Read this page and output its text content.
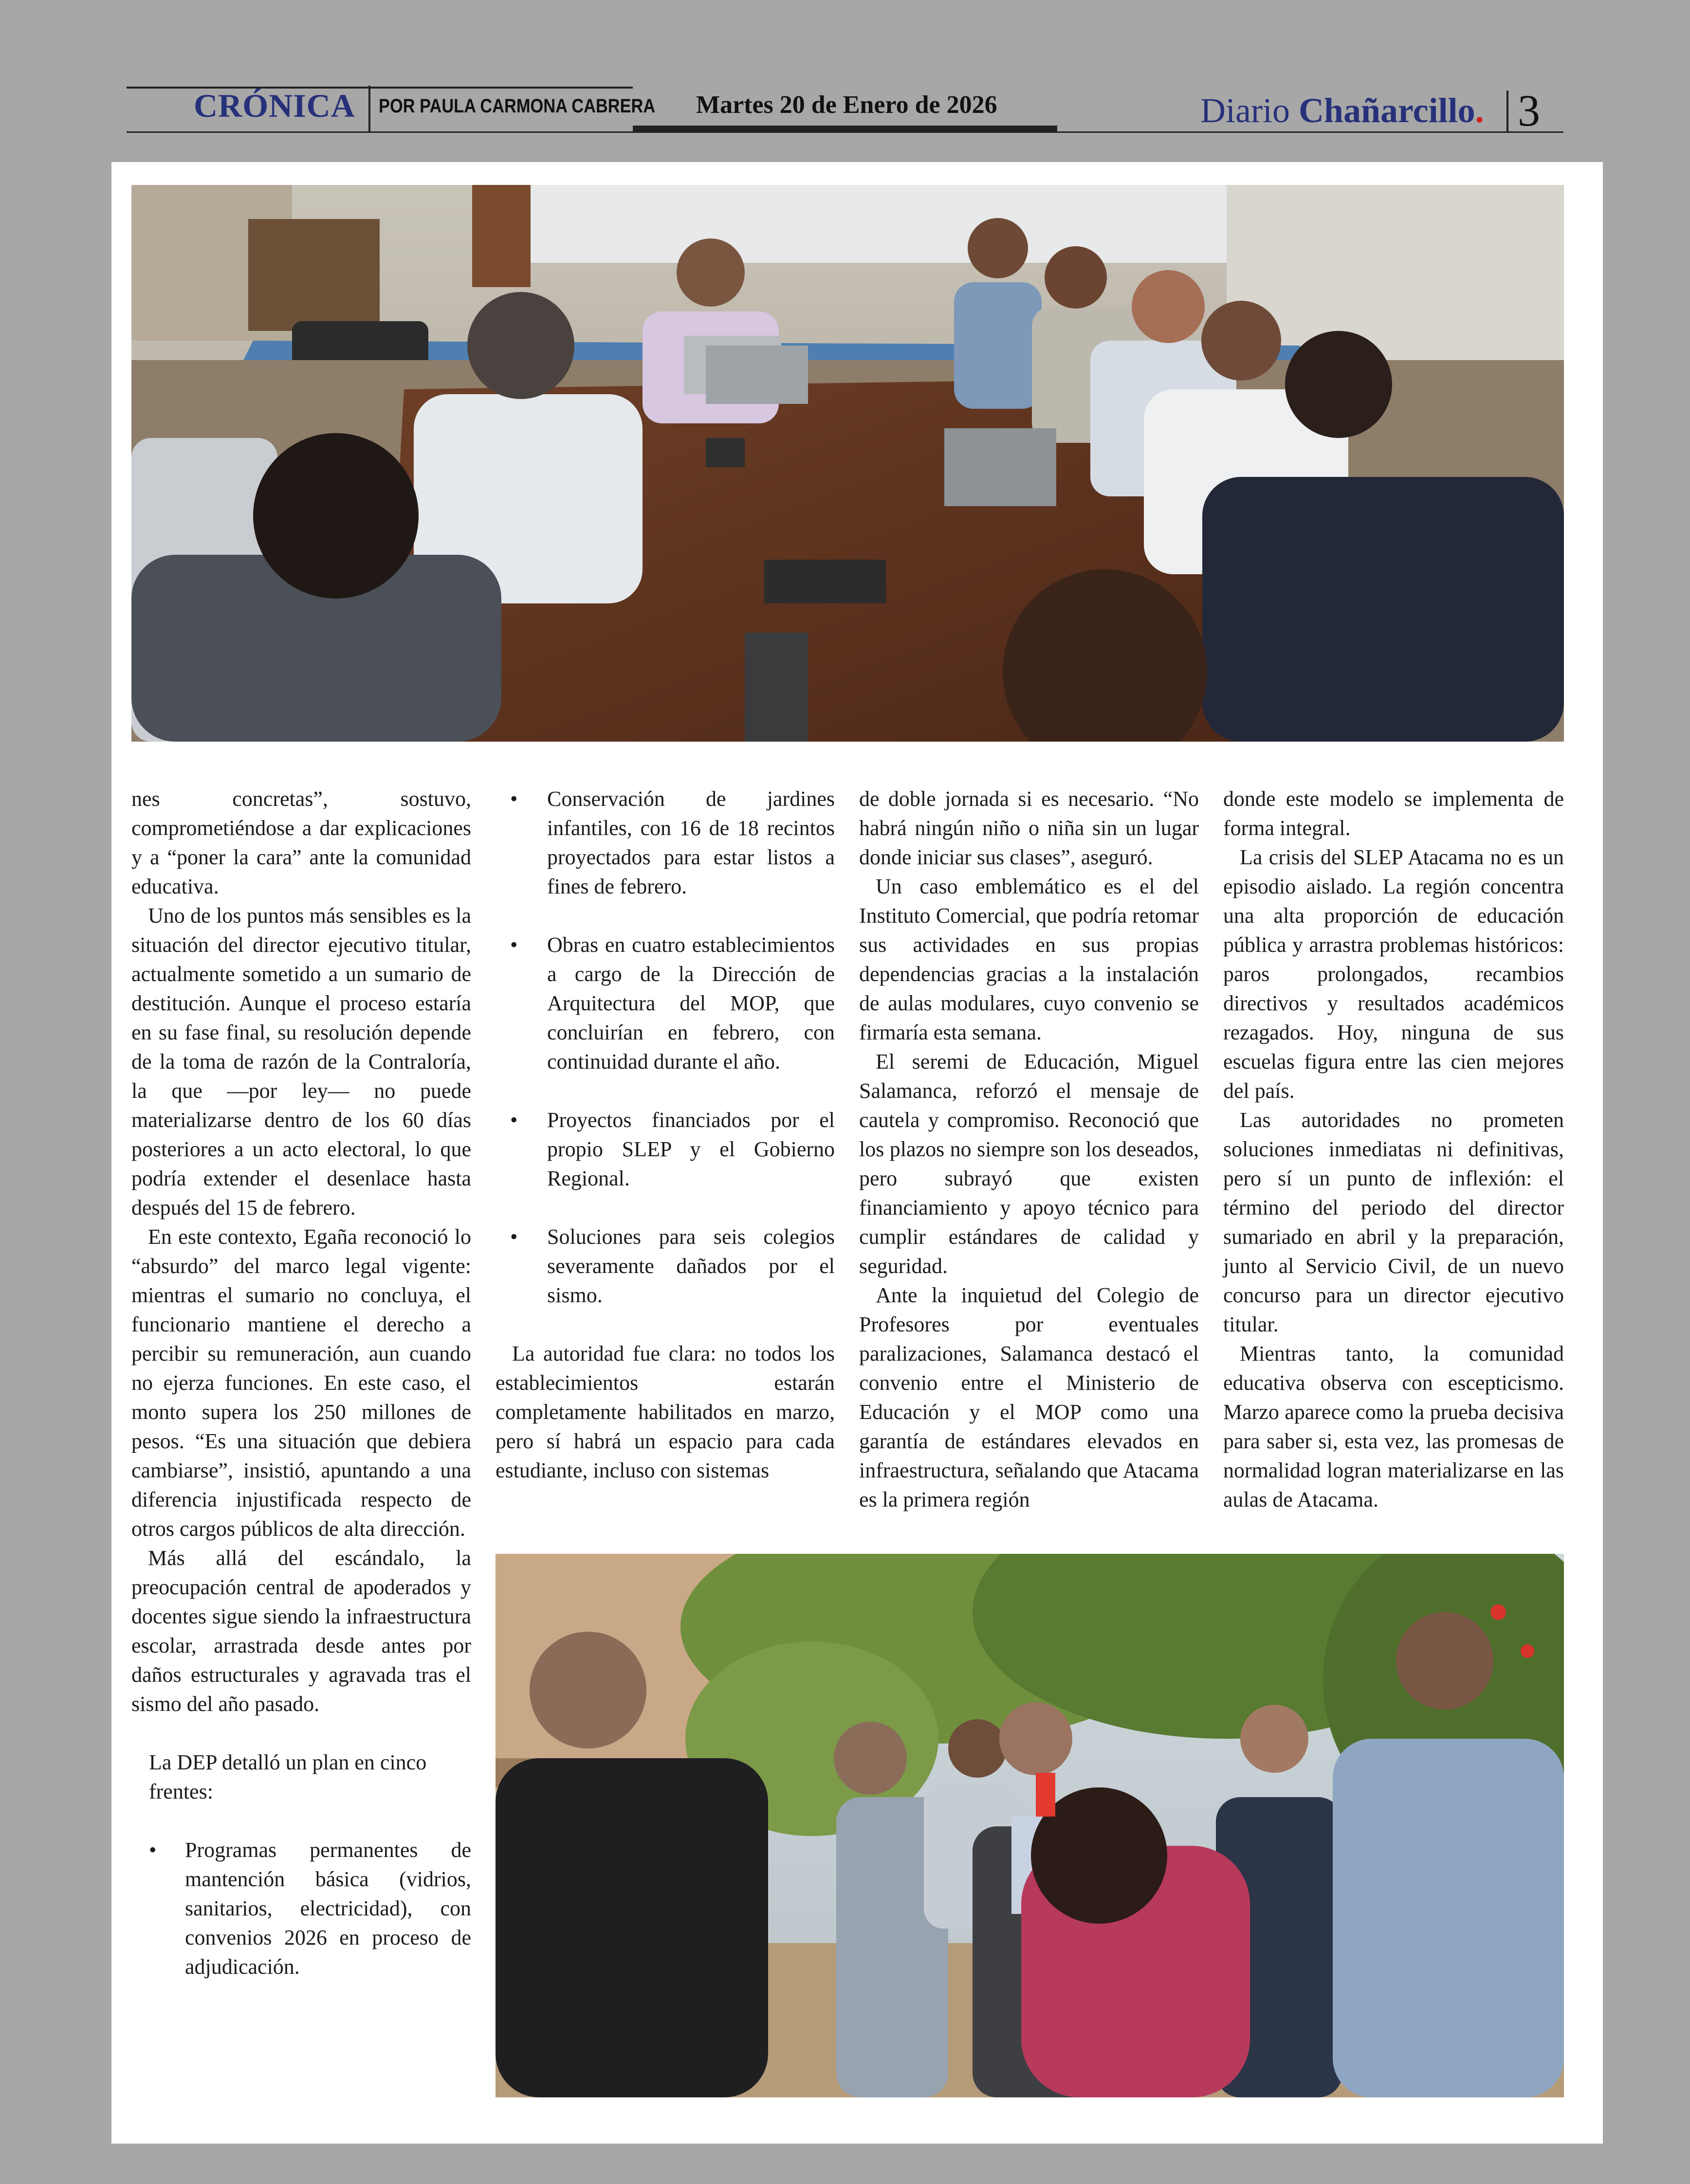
CRÓNICA POR PAULA CARMONA CABRERA Martes 20 de Enero de 2026	Diario Chañarcillo. 3

nes concretas”, sostuvo, comprometiéndose a dar explicaciones y a “poner la cara” ante la comunidad educativa.

Uno de los puntos más sensibles es la situación del director ejecutivo titular, actualmente sometido a un sumario de destitución. Aunque el proceso estaría en su fase final, su resolución depende de la toma de razón de la Contraloría, la que —por ley— no puede materializarse dentro de los 60 días posteriores a un acto electoral, lo que podría extender el desenlace hasta después del 15 de febrero.

En este contexto, Egaña reconoció lo “absurdo” del marco legal vigente: mientras el sumario no concluya, el funcionario mantiene el derecho a percibir su remuneración, aun cuando no ejerza funciones. En este caso, el monto supera los 250 millones de pesos. “Es una situación que debiera cambiarse”, insistió, apuntando a una diferencia injustificada respecto de otros cargos públicos de alta dirección.

Más allá del escándalo, la preocupación central de apoderados y docentes sigue siendo la infraestructura escolar, arrastrada desde antes por daños estructurales y agravada tras el sismo del año pasado.

La DEP detalló un plan en cinco frentes:

• Programas permanentes de mantención básica (vidrios, sanitarios, electricidad), con convenios 2026 en proceso de adjudicación.
• Conservación de jardines infantiles, con 16 de 18 recintos proyectados para estar listos a fines de febrero.
• Obras en cuatro establecimientos a cargo de la Dirección de Arquitectura del MOP, que concluirían en febrero, con continuidad durante el año.
• Proyectos financiados por el propio SLEP y el Gobierno Regional.
• Soluciones para seis colegios severamente dañados por el sismo.

La autoridad fue clara: no todos los establecimientos estarán completamente habilitados en marzo, pero sí habrá un espacio para cada estudiante, incluso con sistemas

de doble jornada si es necesario. “No habrá ningún niño o niña sin un lugar donde iniciar sus clases”, aseguró.

Un caso emblemático es el del Instituto Comercial, que podría retomar sus actividades en sus propias dependencias gracias a la instalación de aulas modulares, cuyo convenio se firmaría esta semana.

El seremi de Educación, Miguel Salamanca, reforzó el mensaje de cautela y compromiso. Reconoció que los plazos no siempre son los deseados, pero subrayó que existen financiamiento y apoyo técnico para cumplir estándares de calidad y seguridad.

Ante la inquietud del Colegio de Profesores por eventuales paralizaciones, Salamanca destacó el convenio entre el Ministerio de Educación y el MOP como una garantía de estándares elevados en infraestructura, señalando que Atacama es la primera región

donde este modelo se implementa de forma integral.

La crisis del SLEP Atacama no es un episodio aislado. La región concentra una alta proporción de educación pública y arrastra problemas históricos: paros prolongados, recambios directivos y resultados académicos rezagados. Hoy, ninguna de sus escuelas figura entre las cien mejores del país.

Las autoridades no prometen soluciones inmediatas ni definitivas, pero sí un punto de inflexión: el término del periodo del director sumariado en abril y la preparación, junto al Servicio Civil, de un nuevo concurso para un director ejecutivo titular.

Mientras tanto, la comunidad educativa observa con escepticismo. Marzo aparece como la prueba decisiva para saber si, esta vez, las promesas de normalidad logran materializarse en las aulas de Atacama.
